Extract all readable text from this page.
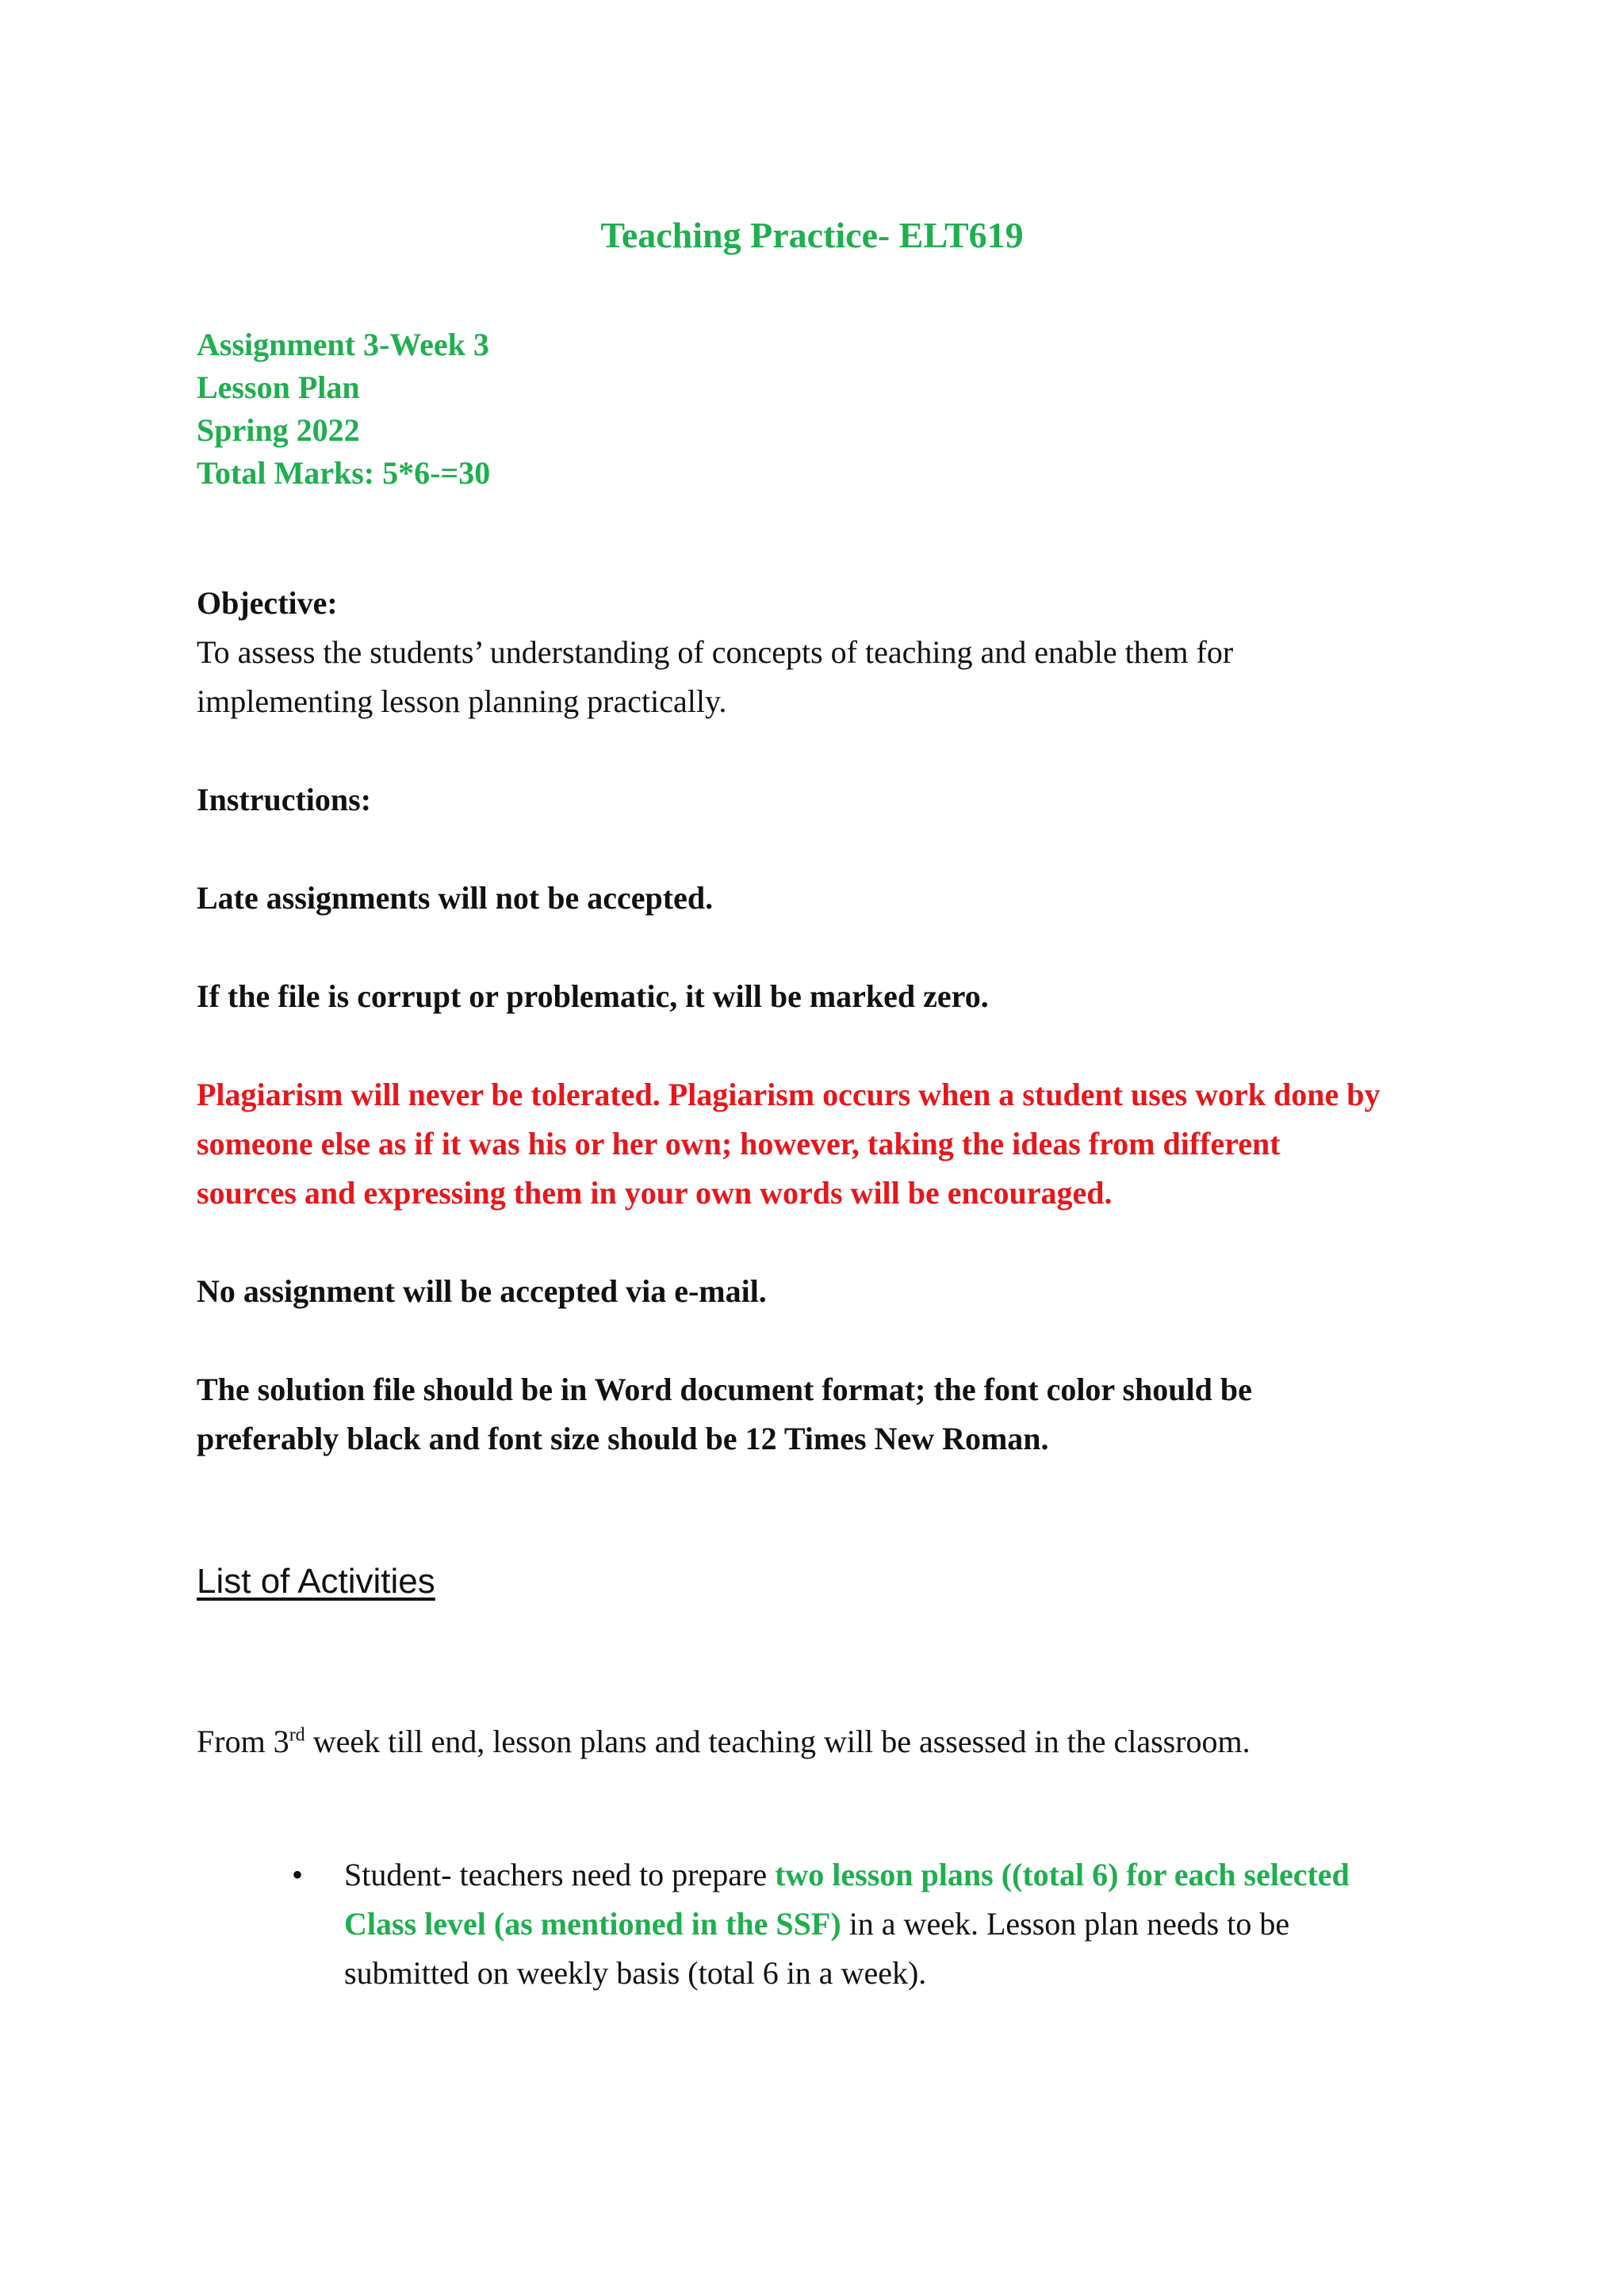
Teaching Practice- ELT619
Assignment 3-Week 3
Lesson Plan
Spring 2022
Total Marks: 5*6-=30
Objective:
To assess the students’ understanding of concepts of teaching and enable them for
implementing lesson planning practically.
Instructions:
Late assignments will not be accepted.
If the file is corrupt or problematic, it will be marked zero.
Plagiarism will never be tolerated. Plagiarism occurs when a student uses work done by
someone else as if it was his or her own; however, taking the ideas from different
sources and expressing them in your own words will be encouraged.
No assignment will be accepted via e-mail.
The solution file should be in Word document format; the font color should be
preferably black and font size should be 12 Times New Roman.
List of Activities
From 3rd week till end, lesson plans and teaching will be assessed in the classroom.
• Student- teachers need to prepare two lesson plans ((total 6) for each selected
Class level (as mentioned in the SSF) in a week. Lesson plan needs to be
submitted on weekly basis (total 6 in a week).
